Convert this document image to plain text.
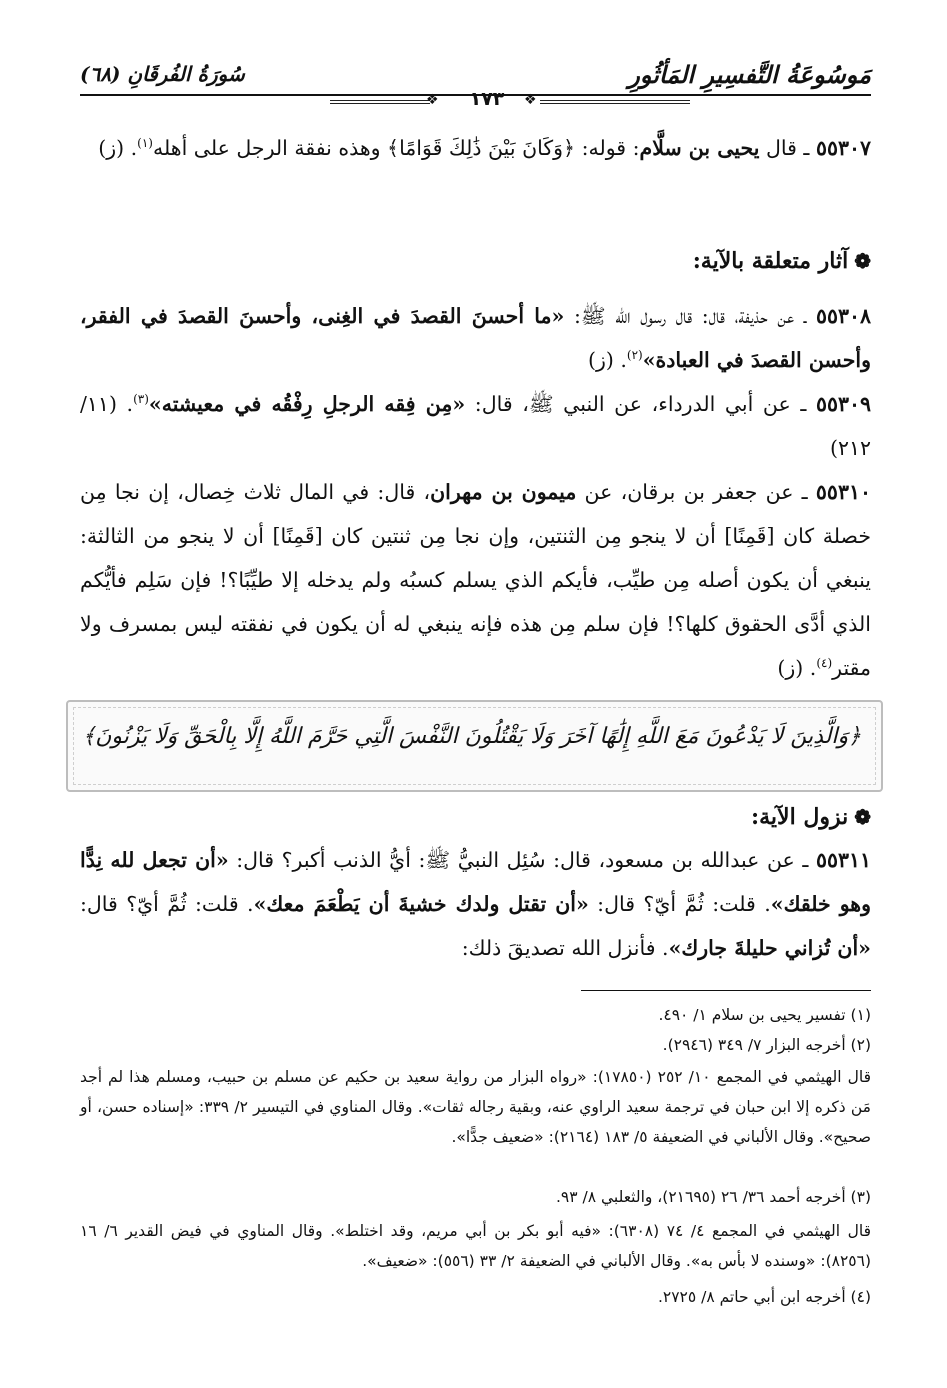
مَوسُوعَةُ التَّفسِيرِ المَأثُورِ
سُورَةُ الفُرقَانِ (٦٨)
❖	١٧٣	❖
٥٥٣٠٧ ـ قال يحيى بن سلَّام: قوله: ﴿وَكَانَ بَيْنَ ذَٰلِكَ قَوَامًا﴾ وهذه نفقة الرجل على أهله$^{(١)}$. (ز)
❁آثار متعلقة بالآية:
٥٥٣٠٨ ـ عن حذيفة، قال: قال رسول الله ﷺ: «ما أحسنَ القصدَ في الغِنى، وأحسنَ القصدَ في الفقر، وأحسن القصدَ في العبادة»$^{(٢)}$. (ز)
٥٥٣٠٩ ـ عن أبي الدرداء، عن النبي ﷺ، قال: «مِن فِقه الرجلِ رِفْقُه في معيشته»$^{(٣)}$. (١١/ ٢١٢)
٥٥٣١٠ ـ عن جعفر بن برقان، عن ميمون بن مهران، قال: في المال ثلاث خِصال، إن نجا مِن خصلة كان [قَمِنًا] أن لا ينجو مِن الثنتين، وإن نجا مِن ثنتين كان [قَمِنًا] أن لا ينجو من الثالثة: ينبغي أن يكون أصله مِن طيِّب، فأيكم الذي يسلم كسبُه ولم يدخله إلا طيِّبًا؟! فإن سَلِم فأيُّكم الذي أدَّى الحقوق كلها؟! فإن سلم مِن هذه فإنه ينبغي له أن يكون في نفقته ليس بمسرف ولا مقتر$^{(٤)}$. (ز)
﴿وَالَّذِينَ لَا يَدْعُونَ مَعَ اللَّهِ إِلَٰهًا آخَرَ وَلَا يَقْتُلُونَ النَّفْسَ الَّتِي حَرَّمَ اللَّهُ إِلَّا بِالْحَقِّ وَلَا يَزْنُونَ﴾
❁نزول الآية:
٥٥٣١١ ـ عن عبدالله بن مسعود، قال: سُئِل النبيُّ ﷺ: أيُّ الذنب أكبر؟ قال: «أن تجعل لله نِدًّا وهو خلقك». قلت: ثُمَّ أيّ؟ قال: «أن تقتل ولدك خشيةَ أن يَطْعَمَ معك». قلت: ثُمَّ أيّ؟ قال: «أن تُزاني حليلةَ جارك». فأنزل الله تصديقَ ذلك:
(١) تفسير يحيى بن سلام ١/ ٤٩٠.
(٢) أخرجه البزار ٧/ ٣٤٩ (٢٩٤٦).
قال الهيثمي في المجمع ١٠/ ٢٥٢ (١٧٨٥٠): «رواه البزار من رواية سعيد بن حكيم عن مسلم بن حبيب، ومسلم هذا لم أجد مَن ذكره إلا ابن حبان في ترجمة سعيد الراوي عنه، وبقية رجاله ثقات». وقال المناوي في التيسير ٢/ ٣٣٩: «إسناده حسن، أو صحيح». وقال الألباني في الضعيفة ٥/ ١٨٣ (٢١٦٤): «ضعيف جدًّا».
(٣) أخرجه أحمد ٣٦/ ٢٦ (٢١٦٩٥)، والثعلبي ٨/ ٩٣.
قال الهيثمي في المجمع ٤/ ٧٤ (٦٣٠٨): «فيه أبو بكر بن أبي مريم، وقد اختلط». وقال المناوي في فيض القدير ٦/ ١٦ (٨٢٥٦): «وسنده لا بأس به». وقال الألباني في الضعيفة ٢/ ٣٣ (٥٥٦): «ضعيف».
(٤) أخرجه ابن أبي حاتم ٨/ ٢٧٢٥.
